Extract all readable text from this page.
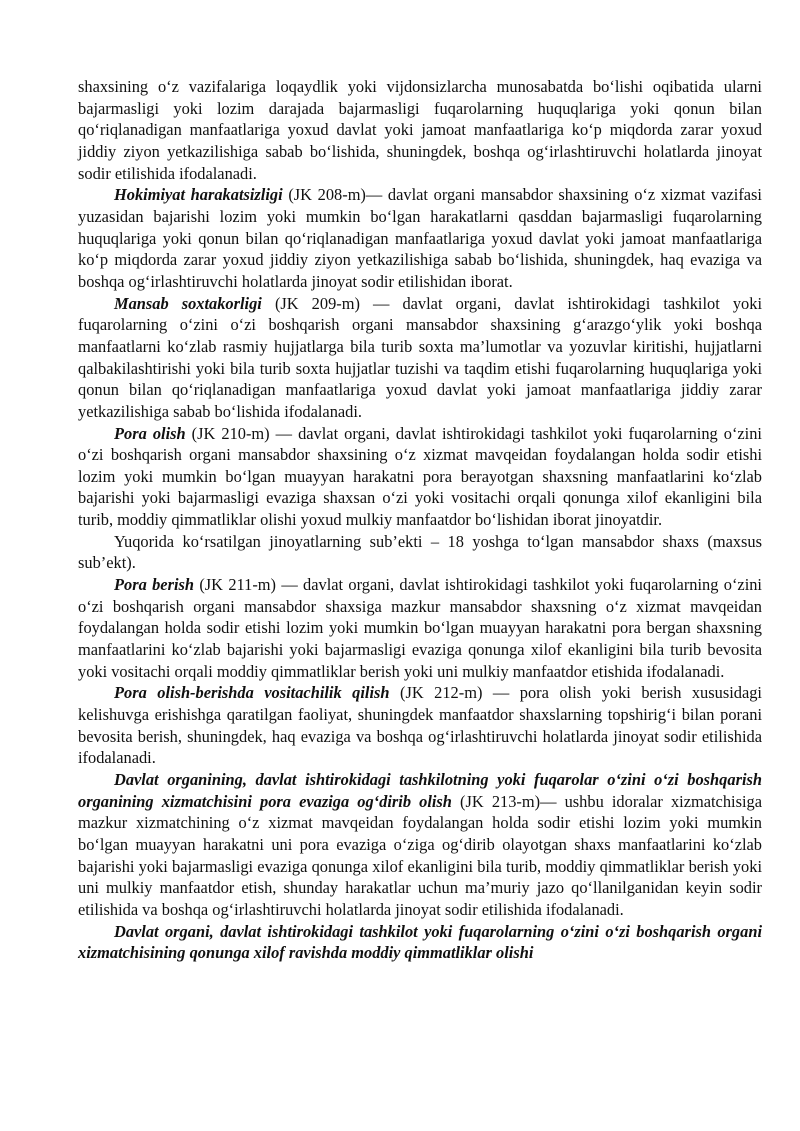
shaxsining o‘z vazifalariga loqaydlik yoki vijdonsizlarcha munosabatda bo‘lishi oqibatida ularni bajarmasligi yoki lozim darajada bajarmasligi fuqarolarning huquqlariga yoki qonun bilan qo‘riqlanadigan manfaatlariga yoxud davlat yoki jamoat manfaatlariga ko‘p miqdorda zarar yoxud jiddiy ziyon yetkazilishiga sabab bo‘lishida, shuningdek, boshqa og‘irlashtiruvchi holatlarda jinoyat sodir etilishida ifodalanadi.

Hokimiyat harakatsizligi (JK 208-m)— davlat organi mansabdor shaxsining o‘z xizmat vazifasi yuzasidan bajarishi lozim yoki mumkin bo‘lgan harakatlarni qasddan bajarmasligi fuqarolarning huquqlariga yoki qonun bilan qo‘riqlanadigan manfaatlariga yoxud davlat yoki jamoat manfaatlariga ko‘p miqdorda zarar yoxud jiddiy ziyon yetkazilishiga sabab bo‘lishida, shuningdek, haq evaziga va boshqa og‘irlashtiruvchi holatlarda jinoyat sodir etilishidan iborat.

Mansab soxtakorligi (JK 209-m) — davlat organi, davlat ishtirokidagi tashkilot yoki fuqarolarning o‘zini o‘zi boshqarish organi mansabdor shaxsining g‘arazgo‘ylik yoki boshqa manfaatlarni ko‘zlab rasmiy hujjatlarga bila turib soxta ma’lumotlar va yozuvlar kiritishi, hujjatlarni qalbakilashtirishi yoki bila turib soxta hujjatlar tuzishi va taqdim etishi fuqarolarning huquqlariga yoki qonun bilan qo‘riqlanadigan manfaatlariga yoxud davlat yoki jamoat manfaatlariga jiddiy zarar yetkazilishiga sabab bo‘lishida ifodalanadi.

Pora olish (JK 210-m) — davlat organi, davlat ishtirokidagi tashkilot yoki fuqarolarning o‘zini o‘zi boshqarish organi mansabdor shaxsining o‘z xizmat mavqeidan foydalangan holda sodir etishi lozim yoki mumkin bo‘lgan muayyan harakatni pora berayotgan shaxsning manfaatlarini ko‘zlab bajarishi yoki bajarmasligi evaziga shaxsan o‘zi yoki vositachi orqali qonunga xilof ekanligini bila turib, moddiy qimmatliklar olishi yoxud mulkiy manfaatdor bo‘lishidan iborat jinoyatdir.

Yuqorida ko‘rsatilgan jinoyatlarning sub’ekti – 18 yoshga to‘lgan mansabdor shaxs (maxsus sub’ekt).

Pora berish (JK 211-m) — davlat organi, davlat ishtirokidagi tashkilot yoki fuqarolarning o‘zini o‘zi boshqarish organi mansabdor shaxsiga mazkur mansabdor shaxsning o‘z xizmat mavqeidan foydalangan holda sodir etishi lozim yoki mumkin bo‘lgan muayyan harakatni pora bergan shaxsning manfaatlarini ko‘zlab bajarishi yoki bajarmasligi evaziga qonunga xilof ekanligini bila turib bevosita yoki vositachi orqali moddiy qimmatliklar berish yoki uni mulkiy manfaatdor etishida ifodalanadi.

Pora olish-berishda vositachilik qilish (JK 212-m) — pora olish yoki berish xususidagi kelishuvga erishishga qaratilgan faoliyat, shuningdek manfaatdor shaxslarning topshirig‘i bilan porani bevosita berish, shuningdek, haq evaziga va boshqa og‘irlashtiruvchi holatlarda jinoyat sodir etilishida ifodalanadi.

Davlat organining, davlat ishtirokidagi tashkilotning yoki fuqarolar o‘zini o‘zi boshqarish organining xizmatchisini pora evaziga og‘dirib olish (JK 213-m)— ushbu idoralar xizmatchisiga mazkur xizmatchining o‘z xizmat mavqeidan foydalangan holda sodir etishi lozim yoki mumkin bo‘lgan muayyan harakatni uni pora evaziga o‘ziga og‘dirib olayotgan shaxs manfaatlarini ko‘zlab bajarishi yoki bajarmasligi evaziga qonunga xilof ekanligini bila turib, moddiy qimmatliklar berish yoki uni mulkiy manfaatdor etish, shunday harakatlar uchun ma’muriy jazo qo‘llanilganidan keyin sodir etilishida va boshqa og‘irlashtiruvchi holatlarda jinoyat sodir etilishida ifodalanadi.

Davlat organi, davlat ishtirokidagi tashkilot yoki fuqarolarning o‘zini o‘zi boshqarish organi xizmatchisining qonunga xilof ravishda moddiy qimmatliklar olishi
